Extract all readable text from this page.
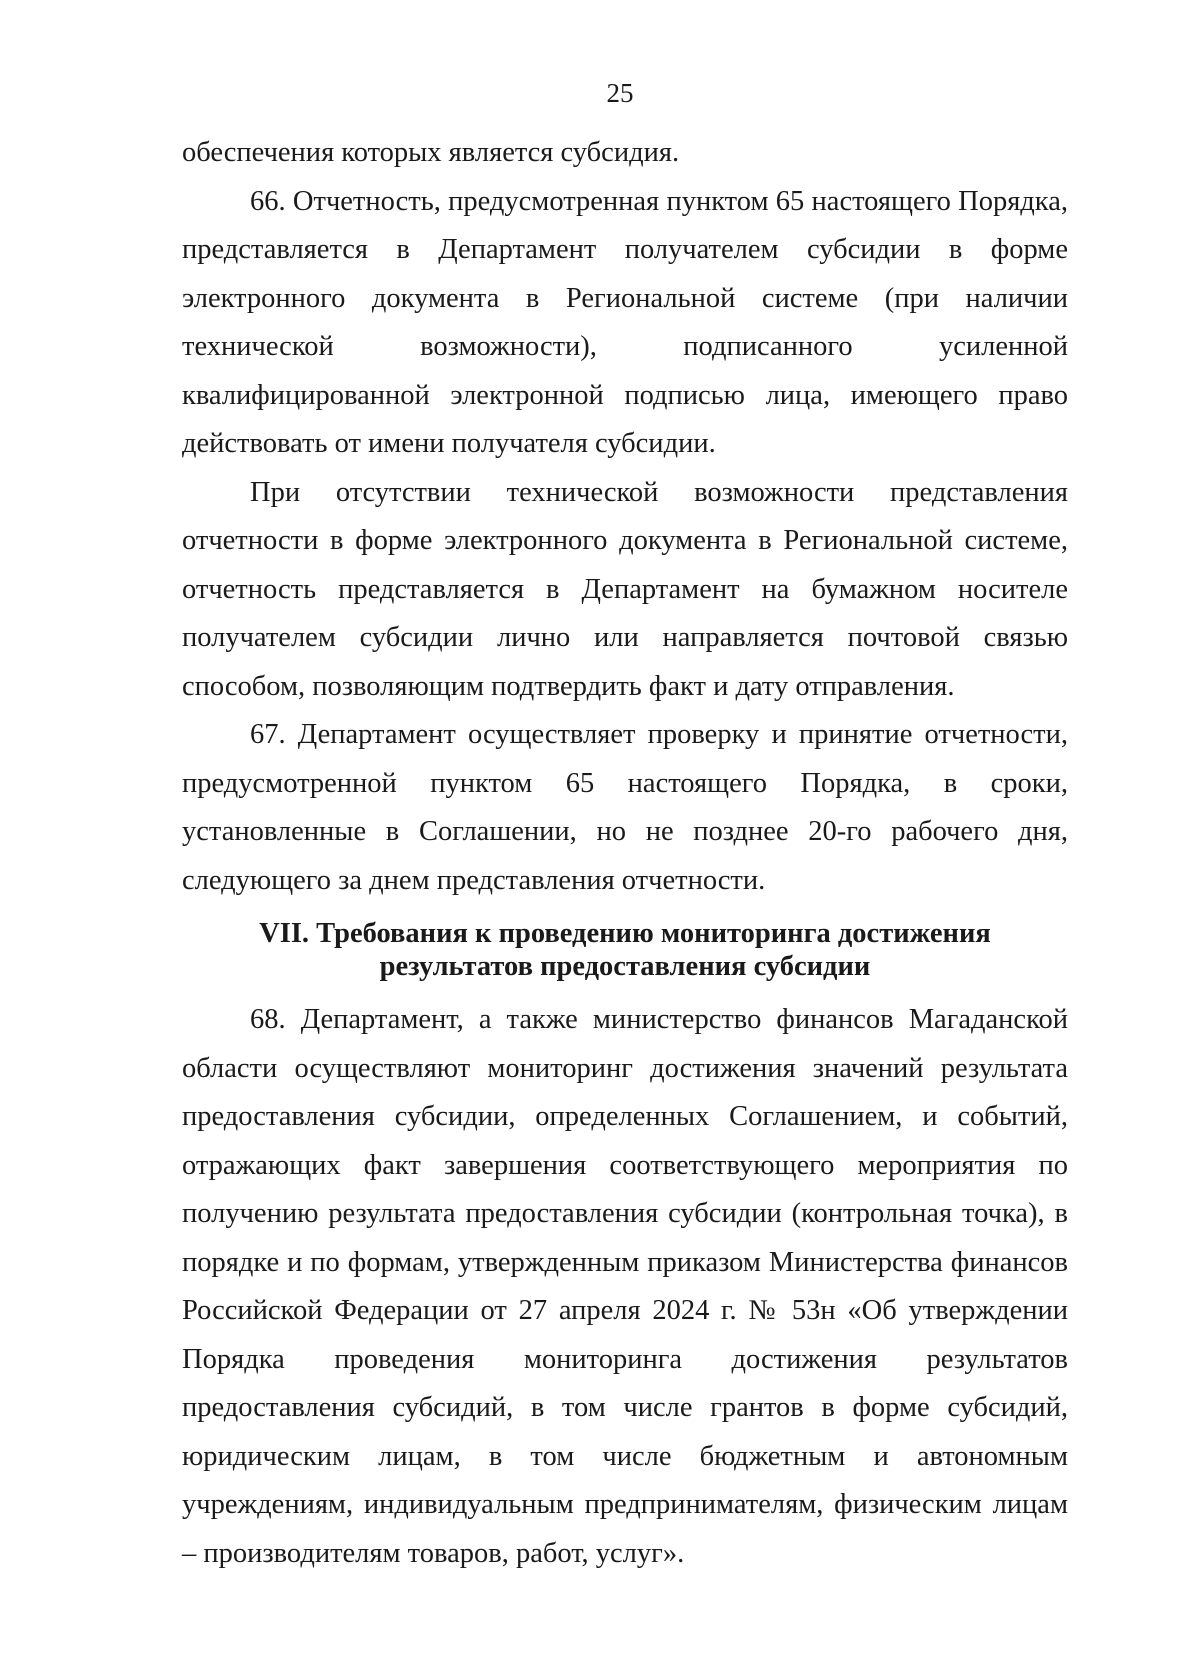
25

обеспечения которых является субсидия.

66. Отчетность, предусмотренная пунктом 65 настоящего Порядка, представляется в Департамент получателем субсидии в форме электронного документа в Региональной системе (при наличии технической возможности), подписанного усиленной квалифицированной электронной подписью лица, имеющего право действовать от имени получателя субсидии.

При отсутствии технической возможности представления отчетности в форме электронного документа в Региональной системе, отчетность представляется в Департамент на бумажном носителе получателем субсидии лично или направляется почтовой связью способом, позволяющим подтвердить факт и дату отправления.

67. Департамент осуществляет проверку и принятие отчетности, предусмотренной пунктом 65 настоящего Порядка, в сроки, установленные в Соглашении, но не позднее 20-го рабочего дня, следующего за днем представления отчетности.

VII. Требования к проведению мониторинга достижения
результатов предоставления субсидии

68. Департамент, а также министерство финансов Магаданской области осуществляют мониторинг достижения значений результата предоставления субсидии, определенных Соглашением, и событий, отражающих факт завершения соответствующего мероприятия по получению результата предоставления субсидии (контрольная точка), в порядке и по формам, утвержденным приказом Министерства финансов Российской Федерации от 27 апреля 2024 г. № 53н «Об утверждении Порядка проведения мониторинга достижения результатов предоставления субсидий, в том числе грантов в форме субсидий, юридическим лицам, в том числе бюджетным и автономным учреждениям, индивидуальным предпринимателям, физическим лицам – производителям товаров, работ, услуг».
